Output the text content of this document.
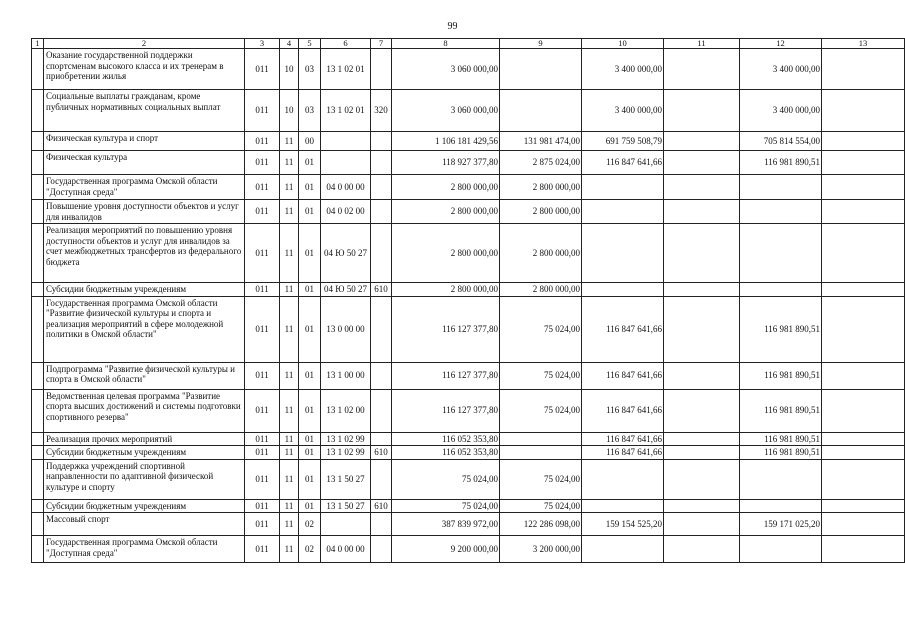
99
1	2	3	4	5	6	7	8	9	10	11	12	13
	Оказание государственной поддержки спортсменам высокого класса и их тренерам в приобретении жилья	011	10	03	13 1 02 01		3 060 000,00		3 400 000,00		3 400 000,00	
	Социальные выплаты гражданам, кроме публичных нормативных социальных выплат	011	10	03	13 1 02 01	320	3 060 000,00		3 400 000,00		3 400 000,00	
	Физическая культура и спорт	011	11	00			1 106 181 429,56	131 981 474,00	691 759 508,79		705 814 554,00	
	Физическая культура	011	11	01			118 927 377,80	2 875 024,00	116 847 641,66		116 981 890,51	
	Государственная программа Омской области "Доступная среда"	011	11	01	04 0 00 00		2 800 000,00	2 800 000,00				
	Повышение уровня доступности объектов и услуг для инвалидов	011	11	01	04 0 02 00		2 800 000,00	2 800 000,00				
	Реализация мероприятий по повышению уровня доступности объектов и услуг для инвалидов за счет межбюджетных трансфертов из федерального бюджета	011	11	01	04 Ю 50 27		2 800 000,00	2 800 000,00				
	Субсидии бюджетным учреждениям	011	11	01	04 Ю 50 27	610	2 800 000,00	2 800 000,00				
	Государственная программа Омской области "Развитие физической культуры и спорта и реализация мероприятий в сфере молодежной политики в Омской области"	011	11	01	13 0 00 00		116 127 377,80	75 024,00	116 847 641,66		116 981 890,51	
	Подпрограмма "Развитие физической культуры и спорта в Омской области"	011	11	01	13 1 00 00		116 127 377,80	75 024,00	116 847 641,66		116 981 890,51	
	Ведомственная целевая программа "Развитие спорта высших достижений и системы подготовки спортивного резерва"	011	11	01	13 1 02 00		116 127 377,80	75 024,00	116 847 641,66		116 981 890,51	
	Реализация прочих мероприятий	011	11	01	13 1 02 99		116 052 353,80		116 847 641,66		116 981 890,51	
	Субсидии бюджетным учреждениям	011	11	01	13 1 02 99	610	116 052 353,80		116 847 641,66		116 981 890,51	
	Поддержка учреждений спортивной направленности по адаптивной физической культуре и спорту	011	11	01	13 1 50 27		75 024,00	75 024,00				
	Субсидии бюджетным учреждениям	011	11	01	13 1 50 27	610	75 024,00	75 024,00				
	Массовый спорт	011	11	02			387 839 972,00	122 286 098,00	159 154 525,20		159 171 025,20	
	Государственная программа Омской области "Доступная среда"	011	11	02	04 0 00 00		9 200 000,00	3 200 000,00				
